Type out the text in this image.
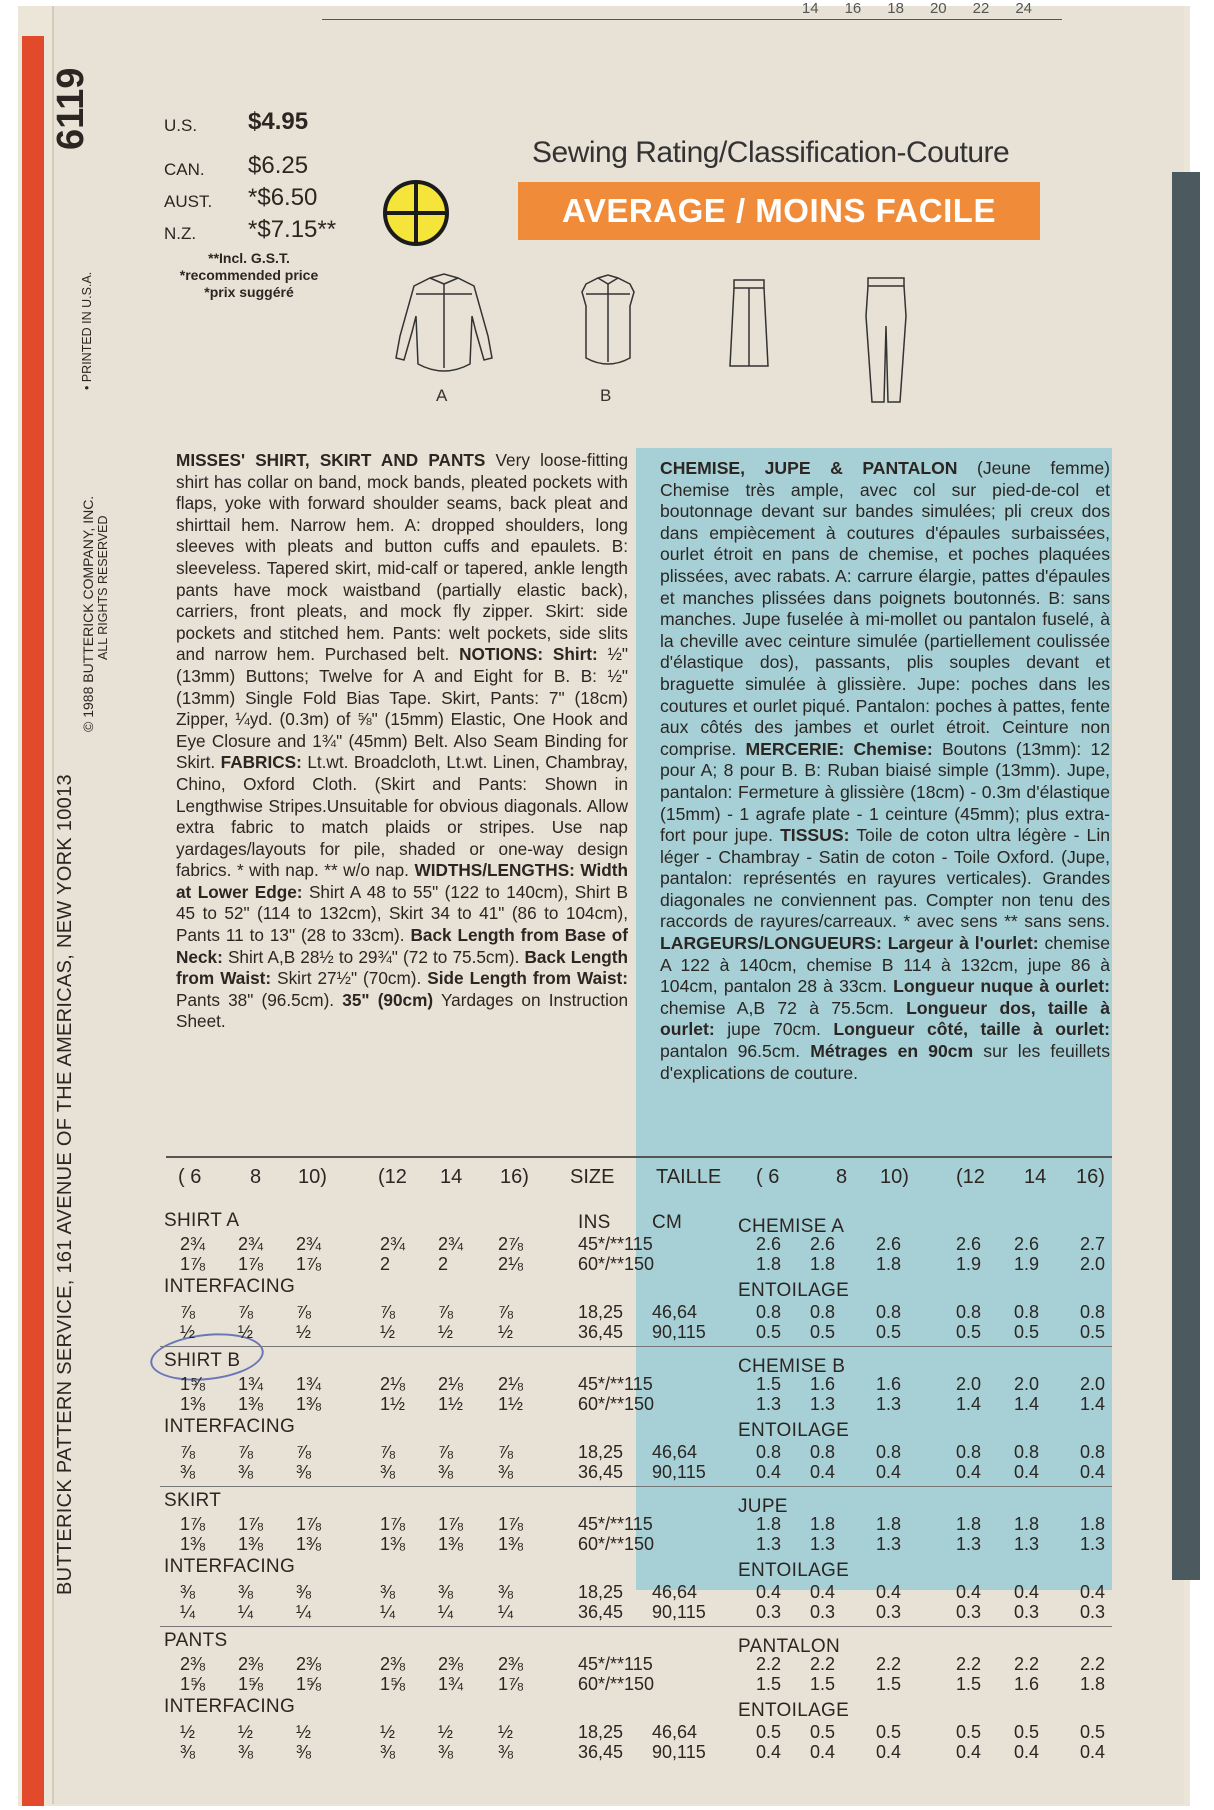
14 16 18 20 22 24
6119
BUTTERICK PATTERN SERVICE, 161 AVENUE OF THE AMERICAS, NEW YORK 10013
© 1988 BUTTERICK COMPANY, INC. ALL RIGHTS RESERVED
• PRINTED IN U.S.A.
U.S. $4.95
CAN. $6.25
AUST. *$6.50
N.Z. *$7.15**
**Incl. G.S.T.
*recommended price
*prix suggéré
Sewing Rating/Classification-Couture
AVERAGE / MOINS FACILE
A	B
MISSES' SHIRT, SKIRT AND PANTS Very loose-fitting shirt has collar on band, mock bands, pleated pockets with flaps, yoke with forward shoulder seams, back pleat and shirttail hem. Narrow hem. A: dropped shoulders, long sleeves with pleats and button cuffs and epaulets. B: sleeveless. Tapered skirt, mid-calf or tapered, ankle length pants have mock waistband (partially elastic back), carriers, front pleats, and mock fly zipper. Skirt: side pockets and stitched hem. Pants: welt pockets, side slits and narrow hem. Purchased belt. NOTIONS: Shirt: ½" (13mm) Buttons; Twelve for A and Eight for B. B: ½" (13mm) Single Fold Bias Tape. Skirt, Pants: 7" (18cm) Zipper, ¼yd. (0.3m) of ⅝" (15mm) Elastic, One Hook and Eye Closure and 1¾" (45mm) Belt. Also Seam Binding for Skirt. FABRICS: Lt.wt. Broadcloth, Lt.wt. Linen, Chambray, Chino, Oxford Cloth. (Skirt and Pants: Shown in Lengthwise Stripes.Unsuitable for obvious diagonals. Allow extra fabric to match plaids or stripes. Use nap yardages/layouts for pile, shaded or one-way design fabrics. * with nap. ** w/o nap. WIDTHS/LENGTHS: Width at Lower Edge: Shirt A 48 to 55" (122 to 140cm), Shirt B 45 to 52" (114 to 132cm), Skirt 34 to 41" (86 to 104cm), Pants 11 to 13" (28 to 33cm). Back Length from Base of Neck: Shirt A,B 28½ to 29¾" (72 to 75.5cm). Back Length from Waist: Skirt 27½" (70cm). Side Length from Waist: Pants 38" (96.5cm). 35" (90cm) Yardages on Instruction Sheet.
CHEMISE, JUPE & PANTALON (Jeune femme) Chemise très ample, avec col sur pied-de-col et boutonnage devant sur bandes simulées; pli creux dos dans empiècement à coutures d'épaules surbaissées, ourlet étroit en pans de chemise, et poches plaquées plissées, avec rabats. A: carrure élargie, pattes d'épaules et manches plissées dans poignets boutonnés. B: sans manches. Jupe fuselée à mi-mollet ou pantalon fuselé, à la cheville avec ceinture simulée (partiellement coulissée d'élastique dos), passants, plis souples devant et braguette simulée à glissière. Jupe: poches dans les coutures et ourlet piqué. Pantalon: poches à pattes, fente aux côtés des jambes et ourlet étroit. Ceinture non comprise. MERCERIE: Chemise: Boutons (13mm): 12 pour A; 8 pour B. B: Ruban biaisé simple (13mm). Jupe, pantalon: Fermeture à glissière (18cm) - 0.3m d'élastique (15mm) - 1 agrafe plate - 1 ceinture (45mm); plus extra-fort pour jupe. TISSUS: Toile de coton ultra légère - Lin léger - Chambray - Satin de coton - Toile Oxford. (Jupe, pantalon: représentés en rayures verticales). Grandes diagonales ne conviennent pas. Compter non tenu des raccords de rayures/carreaux. * avec sens ** sans sens. LARGEURS/LONGUEURS: Largeur à l'ourlet: chemise A 122 à 140cm, chemise B 114 à 132cm, jupe 86 à 104cm, pantalon 28 à 33cm. Longueur nuque à ourlet: chemise A,B 72 à 75.5cm. Longueur dos, taille à ourlet: jupe 70cm. Longueur côté, taille à ourlet: pantalon 96.5cm. Métrages en 90cm sur les feuillets d'explications de couture.
( 6 8 10)	(12 14 16) SIZE TAILLE ( 6	8 10) (12 14 16)
SHIRT A	CHEMISE A
INS CM
2¾ 2¾ 2¾	2¾ 2¾ 2⅞	45*/**115	2.6 2.6 2.6	2.6 2.6 2.7
1⅞ 1⅞ 1⅞	2	2	2⅛	60*/**150	1.8 1.8 1.8	1.9 1.9 2.0
INTERFACING	ENTOILAGE
⅞ ⅞ ⅞	⅞ ⅞ ⅞	18,25 46,64	0.8 0.8 0.8	0.8 0.8 0.8
½ ½ ½	½ ½ ½	36,45 90,115	0.5 0.5 0.5	0.5 0.5 0.5
SHIRT B	CHEMISE B
1⅝ 1¾ 1¾	2⅛ 2⅛ 2⅛	45*/**115	1.5 1.6 1.6	2.0 2.0 2.0
1⅜ 1⅜ 1⅜	1½ 1½ 1½	60*/**150	1.3 1.3 1.3	1.4 1.4 1.4
INTERFACING	ENTOILAGE
⅞ ⅞ ⅞	⅞ ⅞ ⅞	18,25 46,64	0.8 0.8 0.8	0.8 0.8 0.8
⅜ ⅜ ⅜	⅜ ⅜ ⅜	36,45 90,115	0.4 0.4 0.4	0.4 0.4 0.4
SKIRT	JUPE
1⅞ 1⅞ 1⅞	1⅞ 1⅞ 1⅞	45*/**115	1.8 1.8 1.8	1.8 1.8 1.8
1⅜ 1⅜ 1⅜	1⅜ 1⅜ 1⅜	60*/**150	1.3 1.3 1.3	1.3 1.3 1.3
INTERFACING	ENTOILAGE
⅜ ⅜ ⅜	⅜ ⅜ ⅜	18,25 46,64	0.4 0.4 0.4	0.4 0.4 0.4
¼ ¼ ¼	¼ ¼ ¼	36,45 90,115	0.3 0.3 0.3	0.3 0.3 0.3
PANTS	PANTALON
2⅜ 2⅜ 2⅜	2⅜ 2⅜ 2⅜	45*/**115	2.2 2.2 2.2	2.2 2.2 2.2
1⅝ 1⅝ 1⅝	1⅝ 1¾ 1⅞	60*/**150	1.5 1.5 1.5	1.5 1.6 1.8
INTERFACING	ENTOILAGE
½ ½ ½	½ ½ ½	18,25 46,64	0.5 0.5 0.5	0.5 0.5 0.5
⅜ ⅜ ⅜	⅜ ⅜ ⅜	36,45 90,115	0.4 0.4 0.4	0.4 0.4 0.4
